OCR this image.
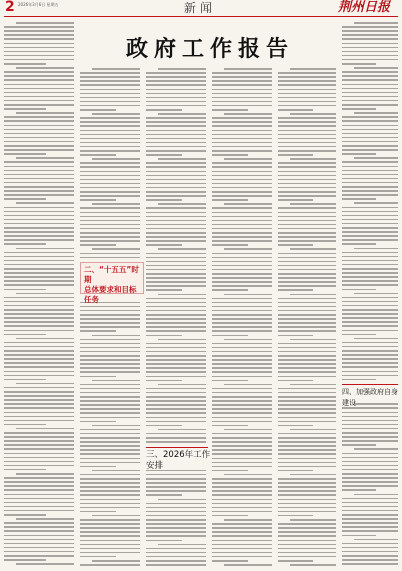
2 2026年3月6日 星期五	新闻	荆州日报
政府工作报告
二、“十五五”时期
总体要求和目标任务
三、2026年工作安排
四、加强政府自身建设
